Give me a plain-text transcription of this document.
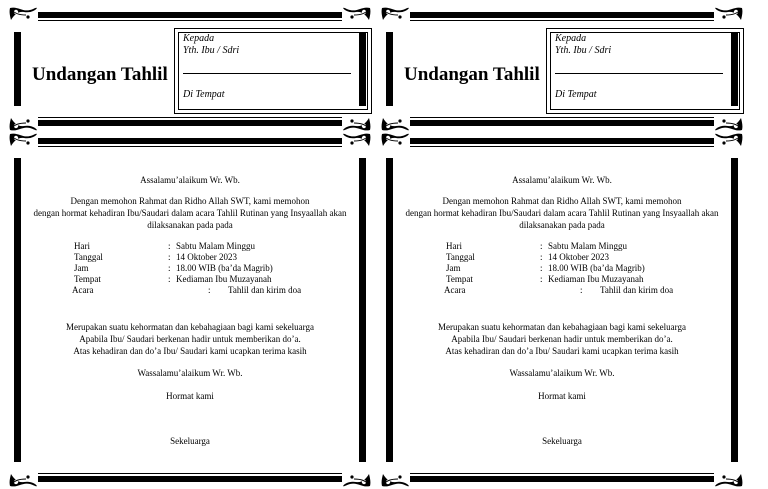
Undangan Tahlil
Kepada
Yth. Ibu / Sdri
Di Tempat
Assalamu’alaikum Wr. Wb.
Dengan memohon Rahmat dan Ridho Allah SWT, kami memohon
dengan hormat kehadiran Ibu/Saudari dalam acara Tahlil Rutinan yang Insyaallah akan
dilaksanakan pada pada
Hari	: Sabtu Malam Minggu
Tanggal	: 14 Oktober 2023
Jam	: 18.00 WIB (ba’da Magrib)
Tempat	: Kediaman Ibu Muzayanah
Acara	: Tahlil dan kirim doa
Merupakan suatu kehormatan dan kebahagiaan bagi kami sekeluarga
Apabila Ibu/ Saudari berkenan hadir untuk memberikan do’a.
Atas kehadiran dan do’a Ibu/ Saudari kami ucapkan terima kasih
Wassalamu’alaikum Wr. Wb.
Hormat kami
Sekeluarga
Undangan Tahlil
Kepada
Yth. Ibu / Sdri
Di Tempat
Assalamu’alaikum Wr. Wb.
Dengan memohon Rahmat dan Ridho Allah SWT, kami memohon
dengan hormat kehadiran Ibu/Saudari dalam acara Tahlil Rutinan yang Insyaallah akan
dilaksanakan pada pada
Hari	: Sabtu Malam Minggu
Tanggal	: 14 Oktober 2023
Jam	: 18.00 WIB (ba’da Magrib)
Tempat	: Kediaman Ibu Muzayanah
Acara	: Tahlil dan kirim doa
Merupakan suatu kehormatan dan kebahagiaan bagi kami sekeluarga
Apabila Ibu/ Saudari berkenan hadir untuk memberikan do’a.
Atas kehadiran dan do’a Ibu/ Saudari kami ucapkan terima kasih
Wassalamu’alaikum Wr. Wb.
Hormat kami
Sekeluarga
